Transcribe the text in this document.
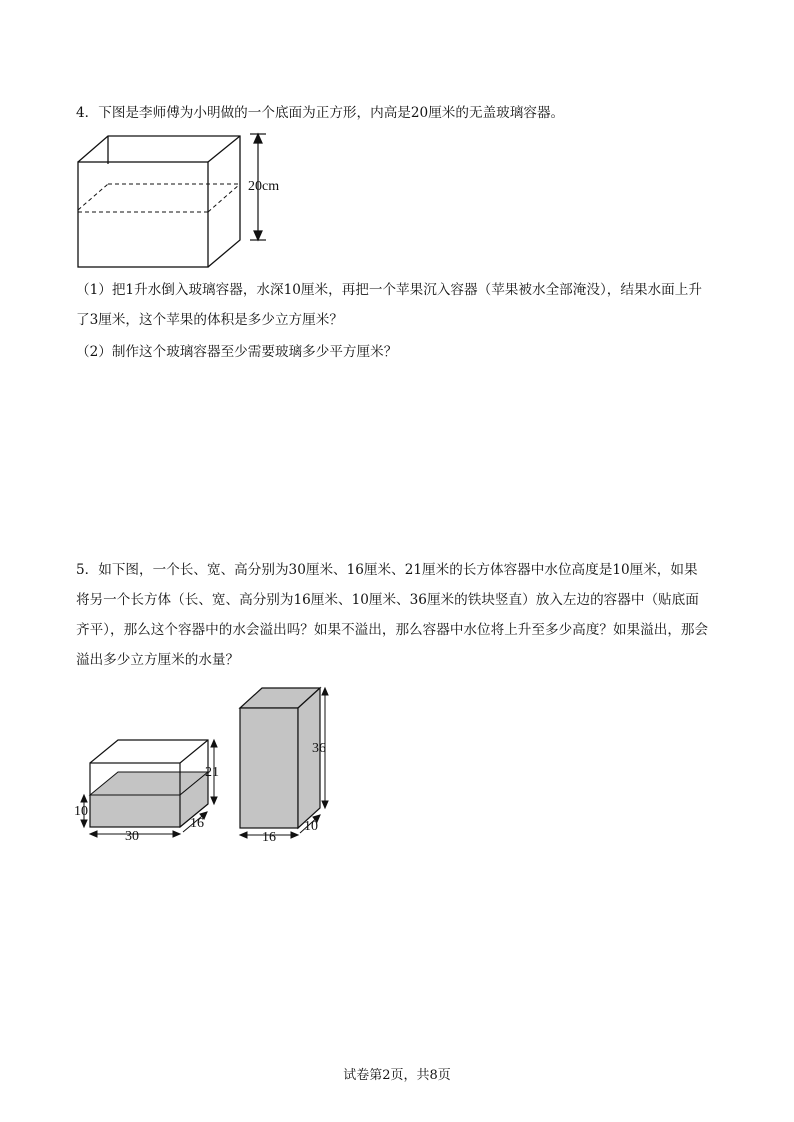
4．下图是李师傅为小明做的一个底面为正方形，内高是20厘米的无盖玻璃容器。

20cm

（1）把1升水倒入玻璃容器，水深10厘米，再把一个苹果沉入容器（苹果被水全部淹没），结果水面上升

了3厘米，这个苹果的体积是多少立方厘米？

（2）制作这个玻璃容器至少需要玻璃多少平方厘米？

5．如下图，一个长、宽、高分别为30厘米、16厘米、21厘米的长方体容器中水位高度是10厘米，如果

将另一个长方体（长、宽、高分别为16厘米、10厘米、36厘米的铁块竖直）放入左边的容器中（贴底面

齐平），那么这个容器中的水会溢出吗？如果不溢出，那么容器中水位将上升至多少高度？如果溢出，那会

溢出多少立方厘米的水量？

21
10
30
16
36
16
10

试卷第2页，共8页
